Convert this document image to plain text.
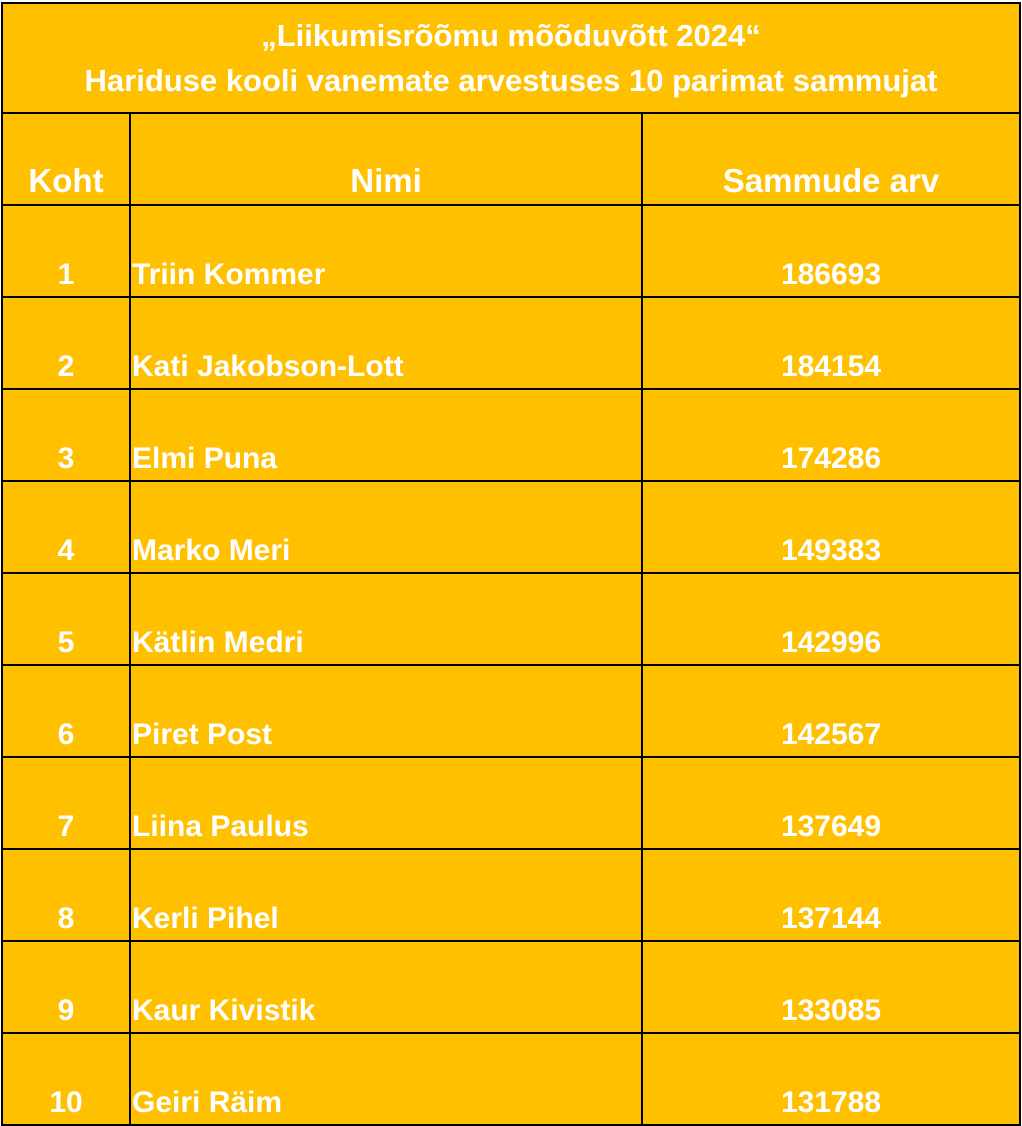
„Liikumisrõõmu mõõduvõtt 2024“
Hariduse kooli vanemate arvestuses 10 parimat sammujat		

Koht	Nimi	Sammude arv
1	Triin Kommer	186693
2	Kati Jakobson-Lott	184154
3	Elmi Puna	174286
4	Marko Meri	149383
5	Kätlin Medri	142996
6	Piret Post	142567
7	Liina Paulus	137649
8	Kerli Pihel	137144
9	Kaur Kivistik	133085
10	Geiri Räim	131788
